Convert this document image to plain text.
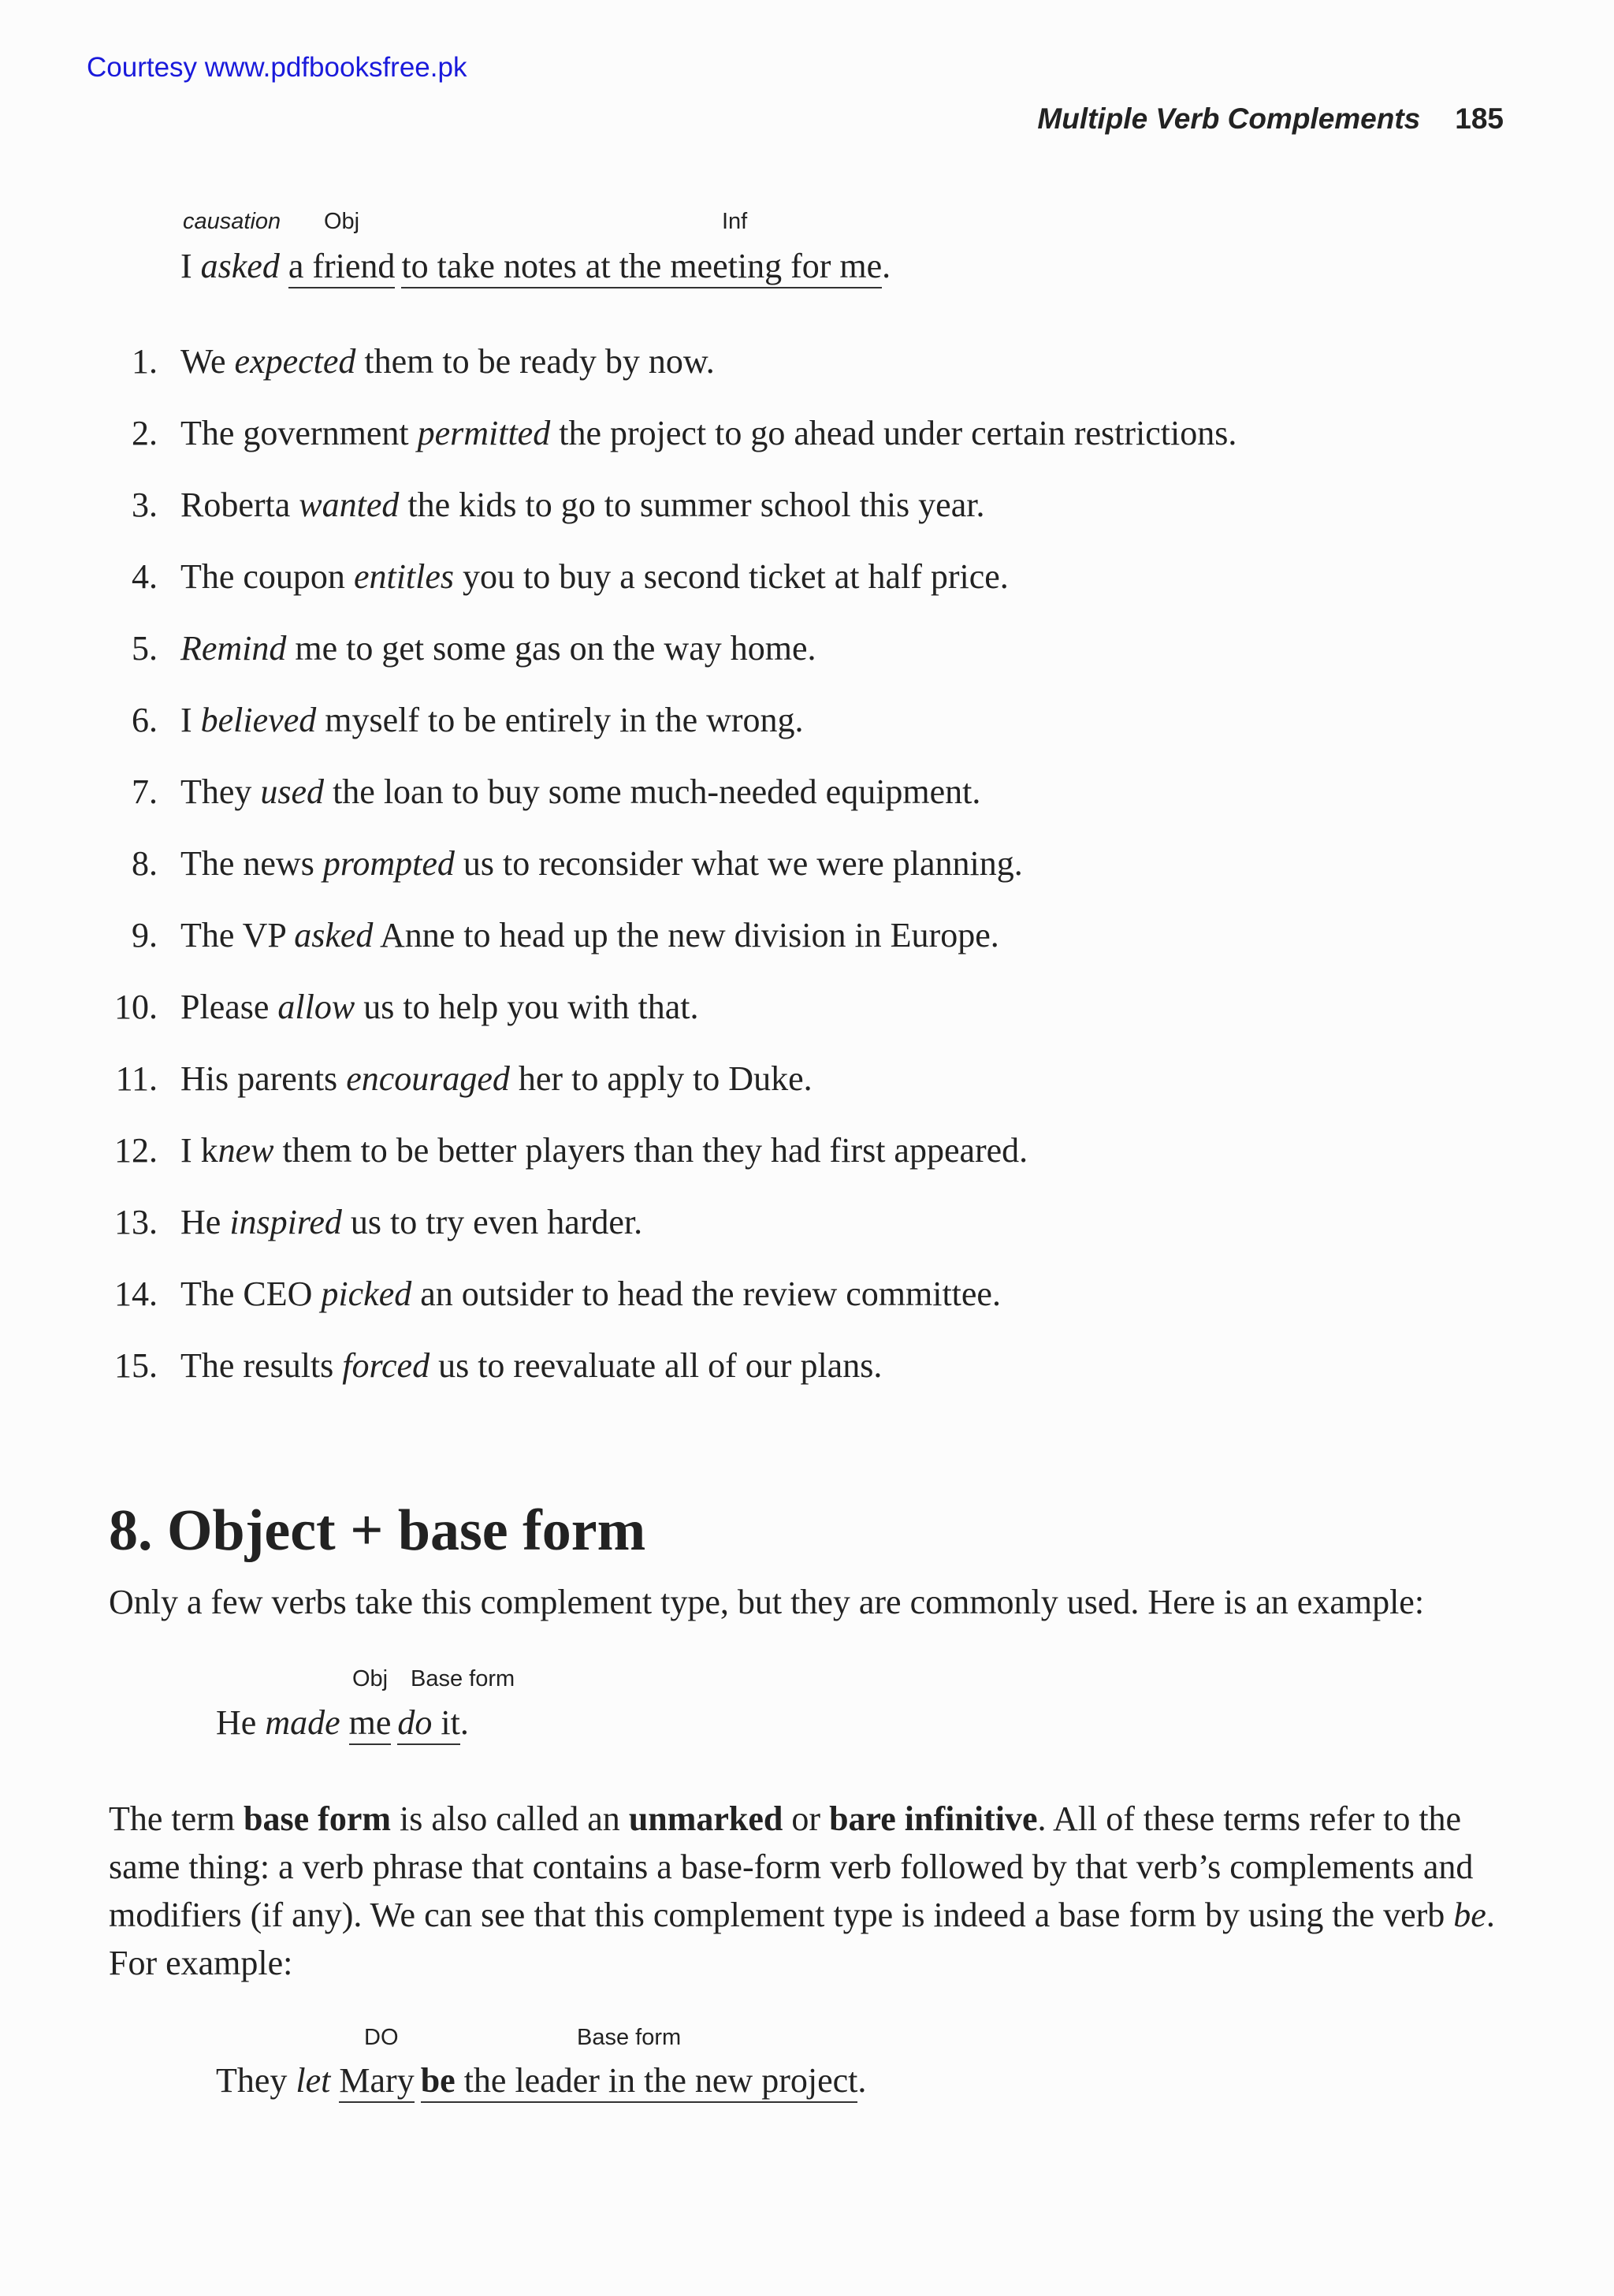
Courtesy www.pdfbooksfree.pk
Multiple Verb Complements 185
causation Obj	Inf
I asked a friend to take notes at the meeting for me.
1. We expected them to be ready by now.
2. The government permitted the project to go ahead under certain restrictions.
3. Roberta wanted the kids to go to summer school this year.
4. The coupon entitles you to buy a second ticket at half price.
5. Remind me to get some gas on the way home.
6. I believed myself to be entirely in the wrong.
7. They used the loan to buy some much-needed equipment.
8. The news prompted us to reconsider what we were planning.
9. The VP asked Anne to head up the new division in Europe.
10. Please allow us to help you with that.
11. His parents encouraged her to apply to Duke.
12. I knew them to be better players than they had first appeared.
13. He inspired us to try even harder.
14. The CEO picked an outsider to head the review committee.
15. The results forced us to reevaluate all of our plans.
8. Object + base form
Only a few verbs take this complement type, but they are commonly used. Here is an example:
Obj Base form
He made me do it.
The term base form is also called an unmarked or bare infinitive. All of these terms refer to the same thing: a verb phrase that contains a base-form verb followed by that verb’s complements and modifiers (if any). We can see that this complement type is indeed a base form by using the verb be. For example:
DO	Base form
They let Mary be the leader in the new project.
